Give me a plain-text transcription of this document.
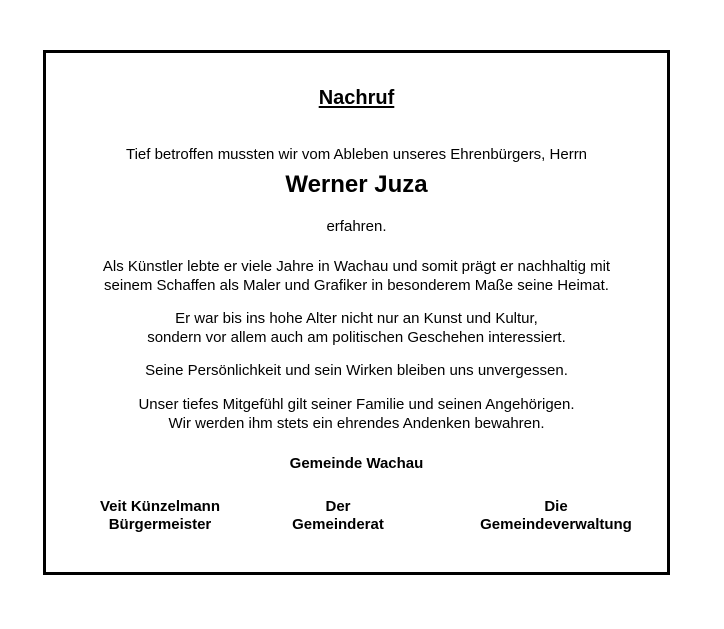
Nachruf

Tief betroffen mussten wir vom Ableben unseres Ehrenbürgers, Herrn

Werner Juza

erfahren.

Als Künstler lebte er viele Jahre in Wachau und somit prägt er nachhaltig mit

seinem Schaffen als Maler und Grafiker in besonderem Maße seine Heimat.

Er war bis ins hohe Alter nicht nur an Kunst und Kultur,

sondern vor allem auch am politischen Geschehen interessiert.

Seine Persönlichkeit und sein Wirken bleiben uns unvergessen.

Unser tiefes Mitgefühl gilt seiner Familie und seinen Angehörigen.

Wir werden ihm stets ein ehrendes Andenken bewahren.

Gemeinde Wachau

Veit Künzelmann
Bürgermeister
Der
Gemeinderat
Die
Gemeindeverwaltung
